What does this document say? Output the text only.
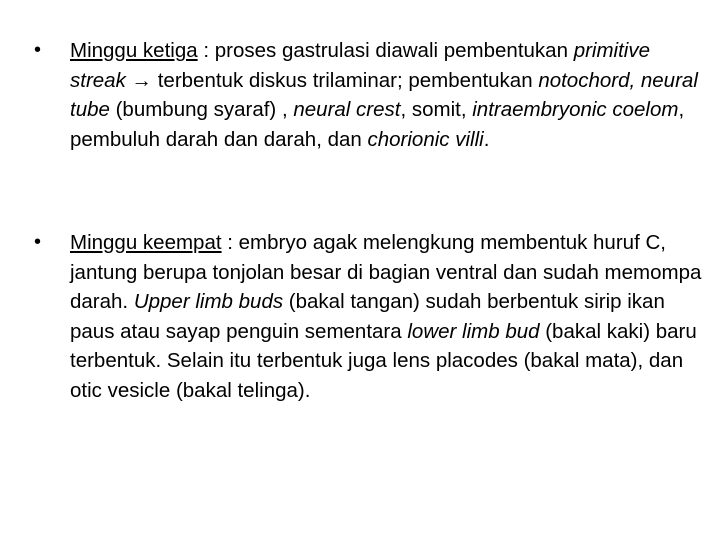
• Minggu ketiga : proses gastrulasi diawali pembentukan primitive streak → terbentuk diskus trilaminar; pembentukan notochord, neural tube (bumbung syaraf) , neural crest, somit, intraembryonic coelom, pembuluh darah dan darah, dan chorionic villi.
• Minggu keempat : embryo agak melengkung membentuk huruf C, jantung berupa tonjolan besar di bagian ventral dan sudah memompa darah. Upper limb buds (bakal tangan) sudah berbentuk sirip ikan paus atau sayap penguin sementara lower limb bud (bakal kaki) baru terbentuk. Selain itu terbentuk juga lens placodes (bakal mata), dan otic vesicle (bakal telinga).
